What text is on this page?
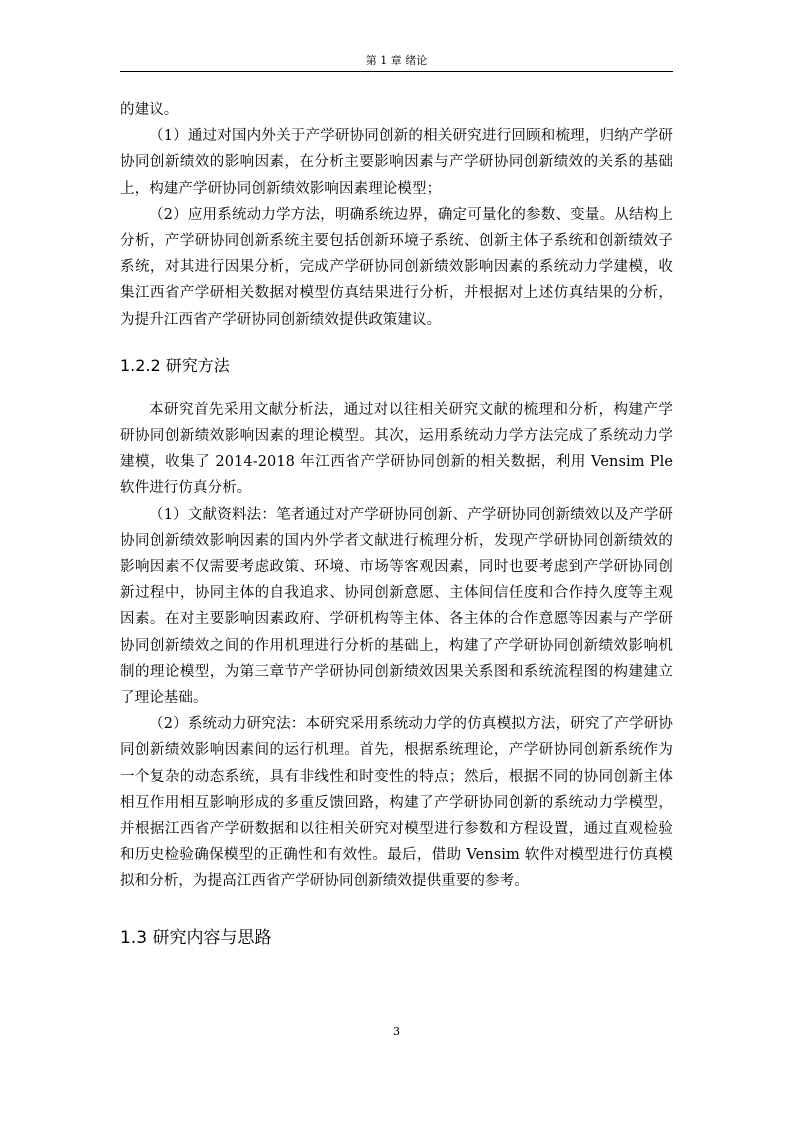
第 1 章 绪论

的建议。

（1）通过对国内外关于产学研协同创新的相关研究进行回顾和梳理，归纳产学研协同创新绩效的影响因素，在分析主要影响因素与产学研协同创新绩效的关系的基础上，构建产学研协同创新绩效影响因素理论模型；

（2）应用系统动力学方法，明确系统边界，确定可量化的参数、变量。从结构上分析，产学研协同创新系统主要包括创新环境子系统、创新主体子系统和创新绩效子系统，对其进行因果分析，完成产学研协同创新绩效影响因素的系统动力学建模，收集江西省产学研相关数据对模型仿真结果进行分析，并根据对上述仿真结果的分析，为提升江西省产学研协同创新绩效提供政策建议。

1.2.2 研究方法

本研究首先采用文献分析法，通过对以往相关研究文献的梳理和分析，构建产学研协同创新绩效影响因素的理论模型。其次，运用系统动力学方法完成了系统动力学建模，收集了 2014-2018 年江西省产学研协同创新的相关数据，利用 Vensim Ple 软件进行仿真分析。

（1）文献资料法：笔者通过对产学研协同创新、产学研协同创新绩效以及产学研协同创新绩效影响因素的国内外学者文献进行梳理分析，发现产学研协同创新绩效的影响因素不仅需要考虑政策、环境、市场等客观因素，同时也要考虑到产学研协同创新过程中，协同主体的自我追求、协同创新意愿、主体间信任度和合作持久度等主观因素。在对主要影响因素政府、学研机构等主体、各主体的合作意愿等因素与产学研协同创新绩效之间的作用机理进行分析的基础上，构建了产学研协同创新绩效影响机制的理论模型，为第三章节产学研协同创新绩效因果关系图和系统流程图的构建建立了理论基础。

（2）系统动力研究法：本研究采用系统动力学的仿真模拟方法，研究了产学研协同创新绩效影响因素间的运行机理。首先，根据系统理论，产学研协同创新系统作为一个复杂的动态系统，具有非线性和时变性的特点；然后，根据不同的协同创新主体相互作用相互影响形成的多重反馈回路，构建了产学研协同创新的系统动力学模型，并根据江西省产学研数据和以往相关研究对模型进行参数和方程设置，通过直观检验和历史检验确保模型的正确性和有效性。最后，借助 Vensim 软件对模型进行仿真模拟和分析，为提高江西省产学研协同创新绩效提供重要的参考。

1.3 研究内容与思路
3
